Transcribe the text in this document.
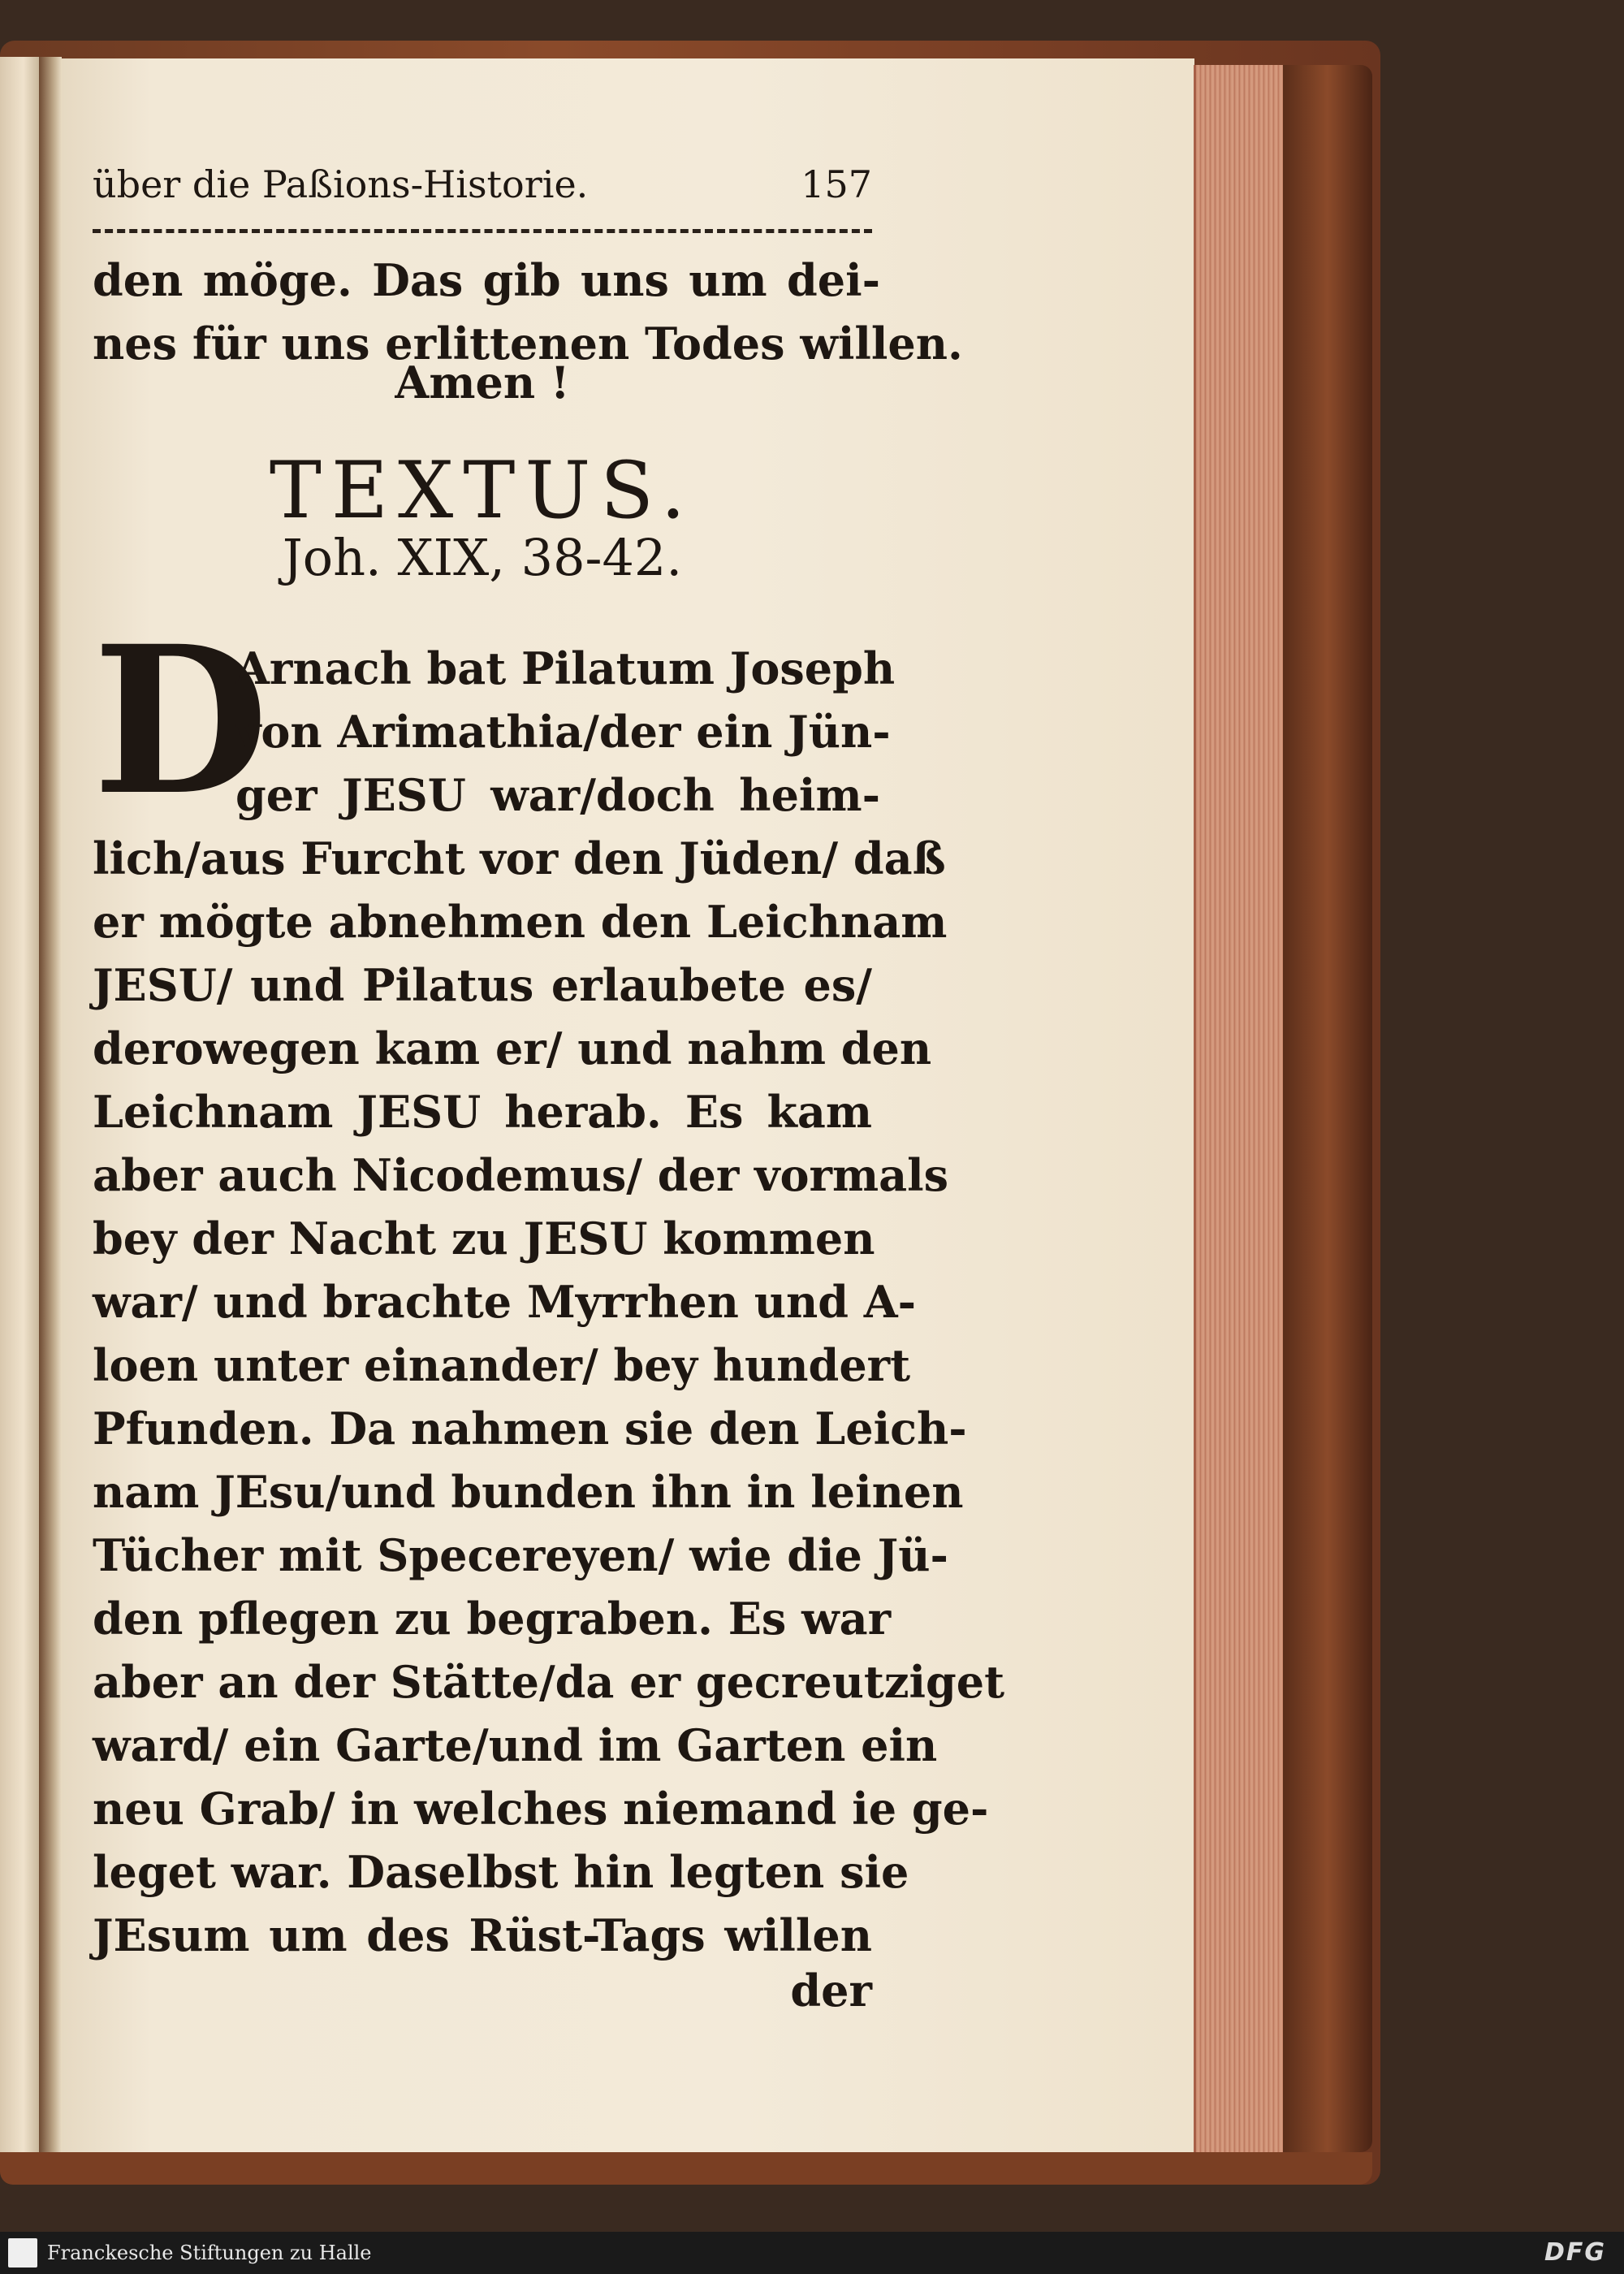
über die Paßions-Historie.	157
den möge. Das gib uns um dei-
nes für uns erlittenen Todes willen.
Amen !
TEXTUS.
Joh. XIX, 38-42.
D
Arnach bat Pilatum Joseph
von Arimathia/der ein Jün-
ger JESU war/doch heim-
lich/aus Furcht vor den Jüden/ daß
er mögte abnehmen den Leichnam
JESU/ und Pilatus erlaubete es/
derowegen kam er/ und nahm den
Leichnam JESU herab. Es kam
aber auch Nicodemus/ der vormals
bey der Nacht zu JESU kommen
war/ und brachte Myrrhen und A-
loen unter einander/ bey hundert
Pfunden. Da nahmen sie den Leich-
nam JEsu/und bunden ihn in leinen
Tücher mit Specereyen/ wie die Jü-
den pflegen zu begraben. Es war
aber an der Stätte/da er gecreutziget
ward/ ein Garte/und im Garten ein
neu Grab/ in welches niemand ie ge-
leget war. Daselbst hin legten sie
JEsum um des Rüst-Tags willen
der
Franckesche Stiftungen zu Halle	DFG
